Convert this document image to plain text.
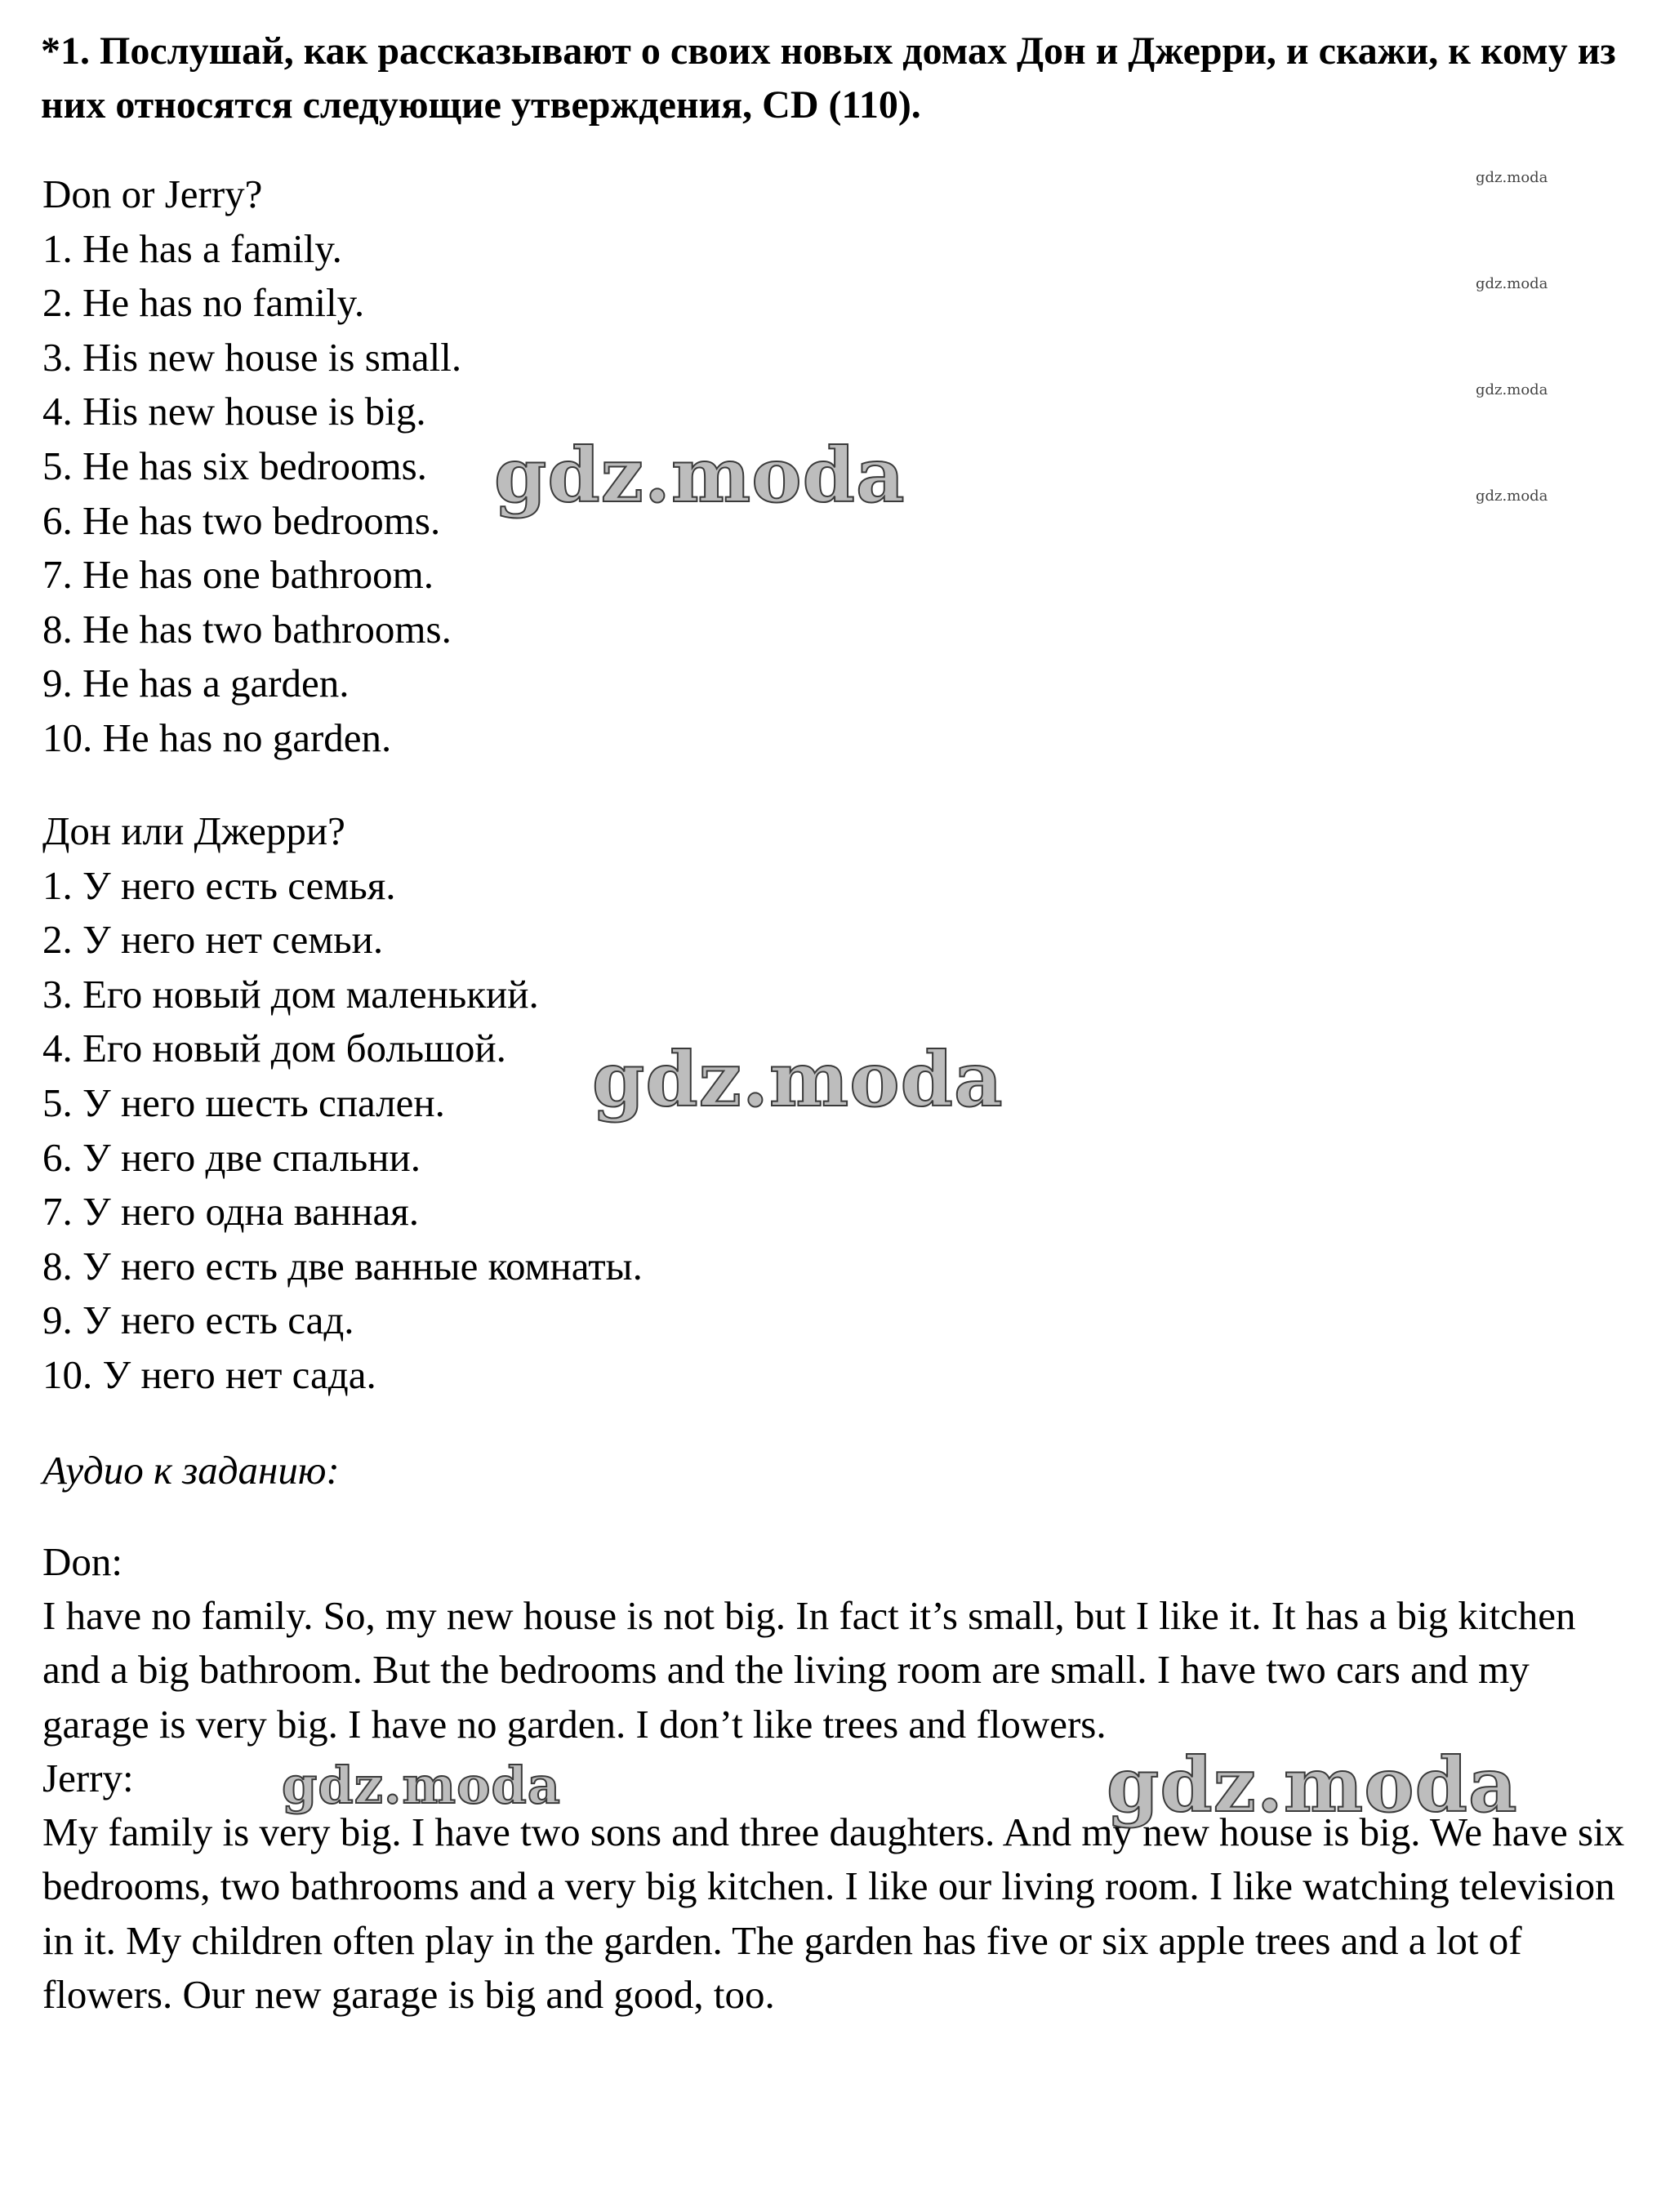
*1. Послушай, как рассказывают о своих новых домах Дон и Джерри, и скажи, к кому из них относятся следующие утверждения, CD (110).

Don or Jerry?
1. He has a family.
2. He has no family.
3. His new house is small.
4. His new house is big.
5. He has six bedrooms.
6. He has two bedrooms.
7. He has one bathroom.
8. He has two bathrooms.
9. He has a garden.
10. He has no garden.
Дон или Джерри?
1. У него есть семья.
2. У него нет семьи.
3. Его новый дом маленький.
4. Его новый дом большой.
5. У него шесть спален.
6. У него две спальни.
7. У него одна ванная.
8. У него есть две ванные комнаты.
9. У него есть сад.
10. У него нет сада.

Аудио к заданию:

Don:

I have no family. So, my new house is not big. In fact it’s small, but I like it. It has a big kitchen and a big bathroom. But the bedrooms and the living room are small. I have two cars and my garage is very big. I have no garden. I don’t like trees and flowers.

Jerry:

My family is very big. I have two sons and three daughters. And my new house is big. We have six bedrooms, two bathrooms and a very big kitchen. I like our living room. I like watching television in it. My children often play in the garden. The garden has five or six apple trees and a lot of flowers. Our new garage is big and good, too.

gdz.moda
gdz.moda
gdz.moda	gdz.moda
gdz.moda
gdz.moda
gdz.moda
gdz.moda
